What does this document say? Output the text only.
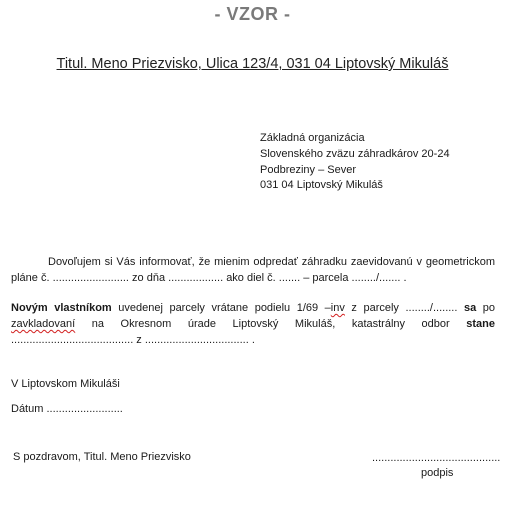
- VZOR -
Titul. Meno Priezvisko, Ulica 123/4, 031 04 Liptovský Mikuláš
Základná organizácia
Slovenského zväzu záhradkárov 20-24
Podbreziny – Sever
031 04 Liptovský Mikuláš
Dovoľujem si Vás informovať, že mienim odpredať záhradku zaevidovanú v geometrickom pláne č. ......................... zo dňa .................. ako diel č. ....... – parcela ......../....... .
Novým vlastníkom uvedenej parcely vrátane podielu 1/69 –inv z parcely ......../........ sa po zavkladovaní na Okresnom úrade Liptovský Mikuláš, katastrálny odbor stane ........................................ z .................................. .
V Liptovskom Mikuláši
Dátum .........................
S pozdravom, Titul. Meno Priezvisko	..........................................
podpis
